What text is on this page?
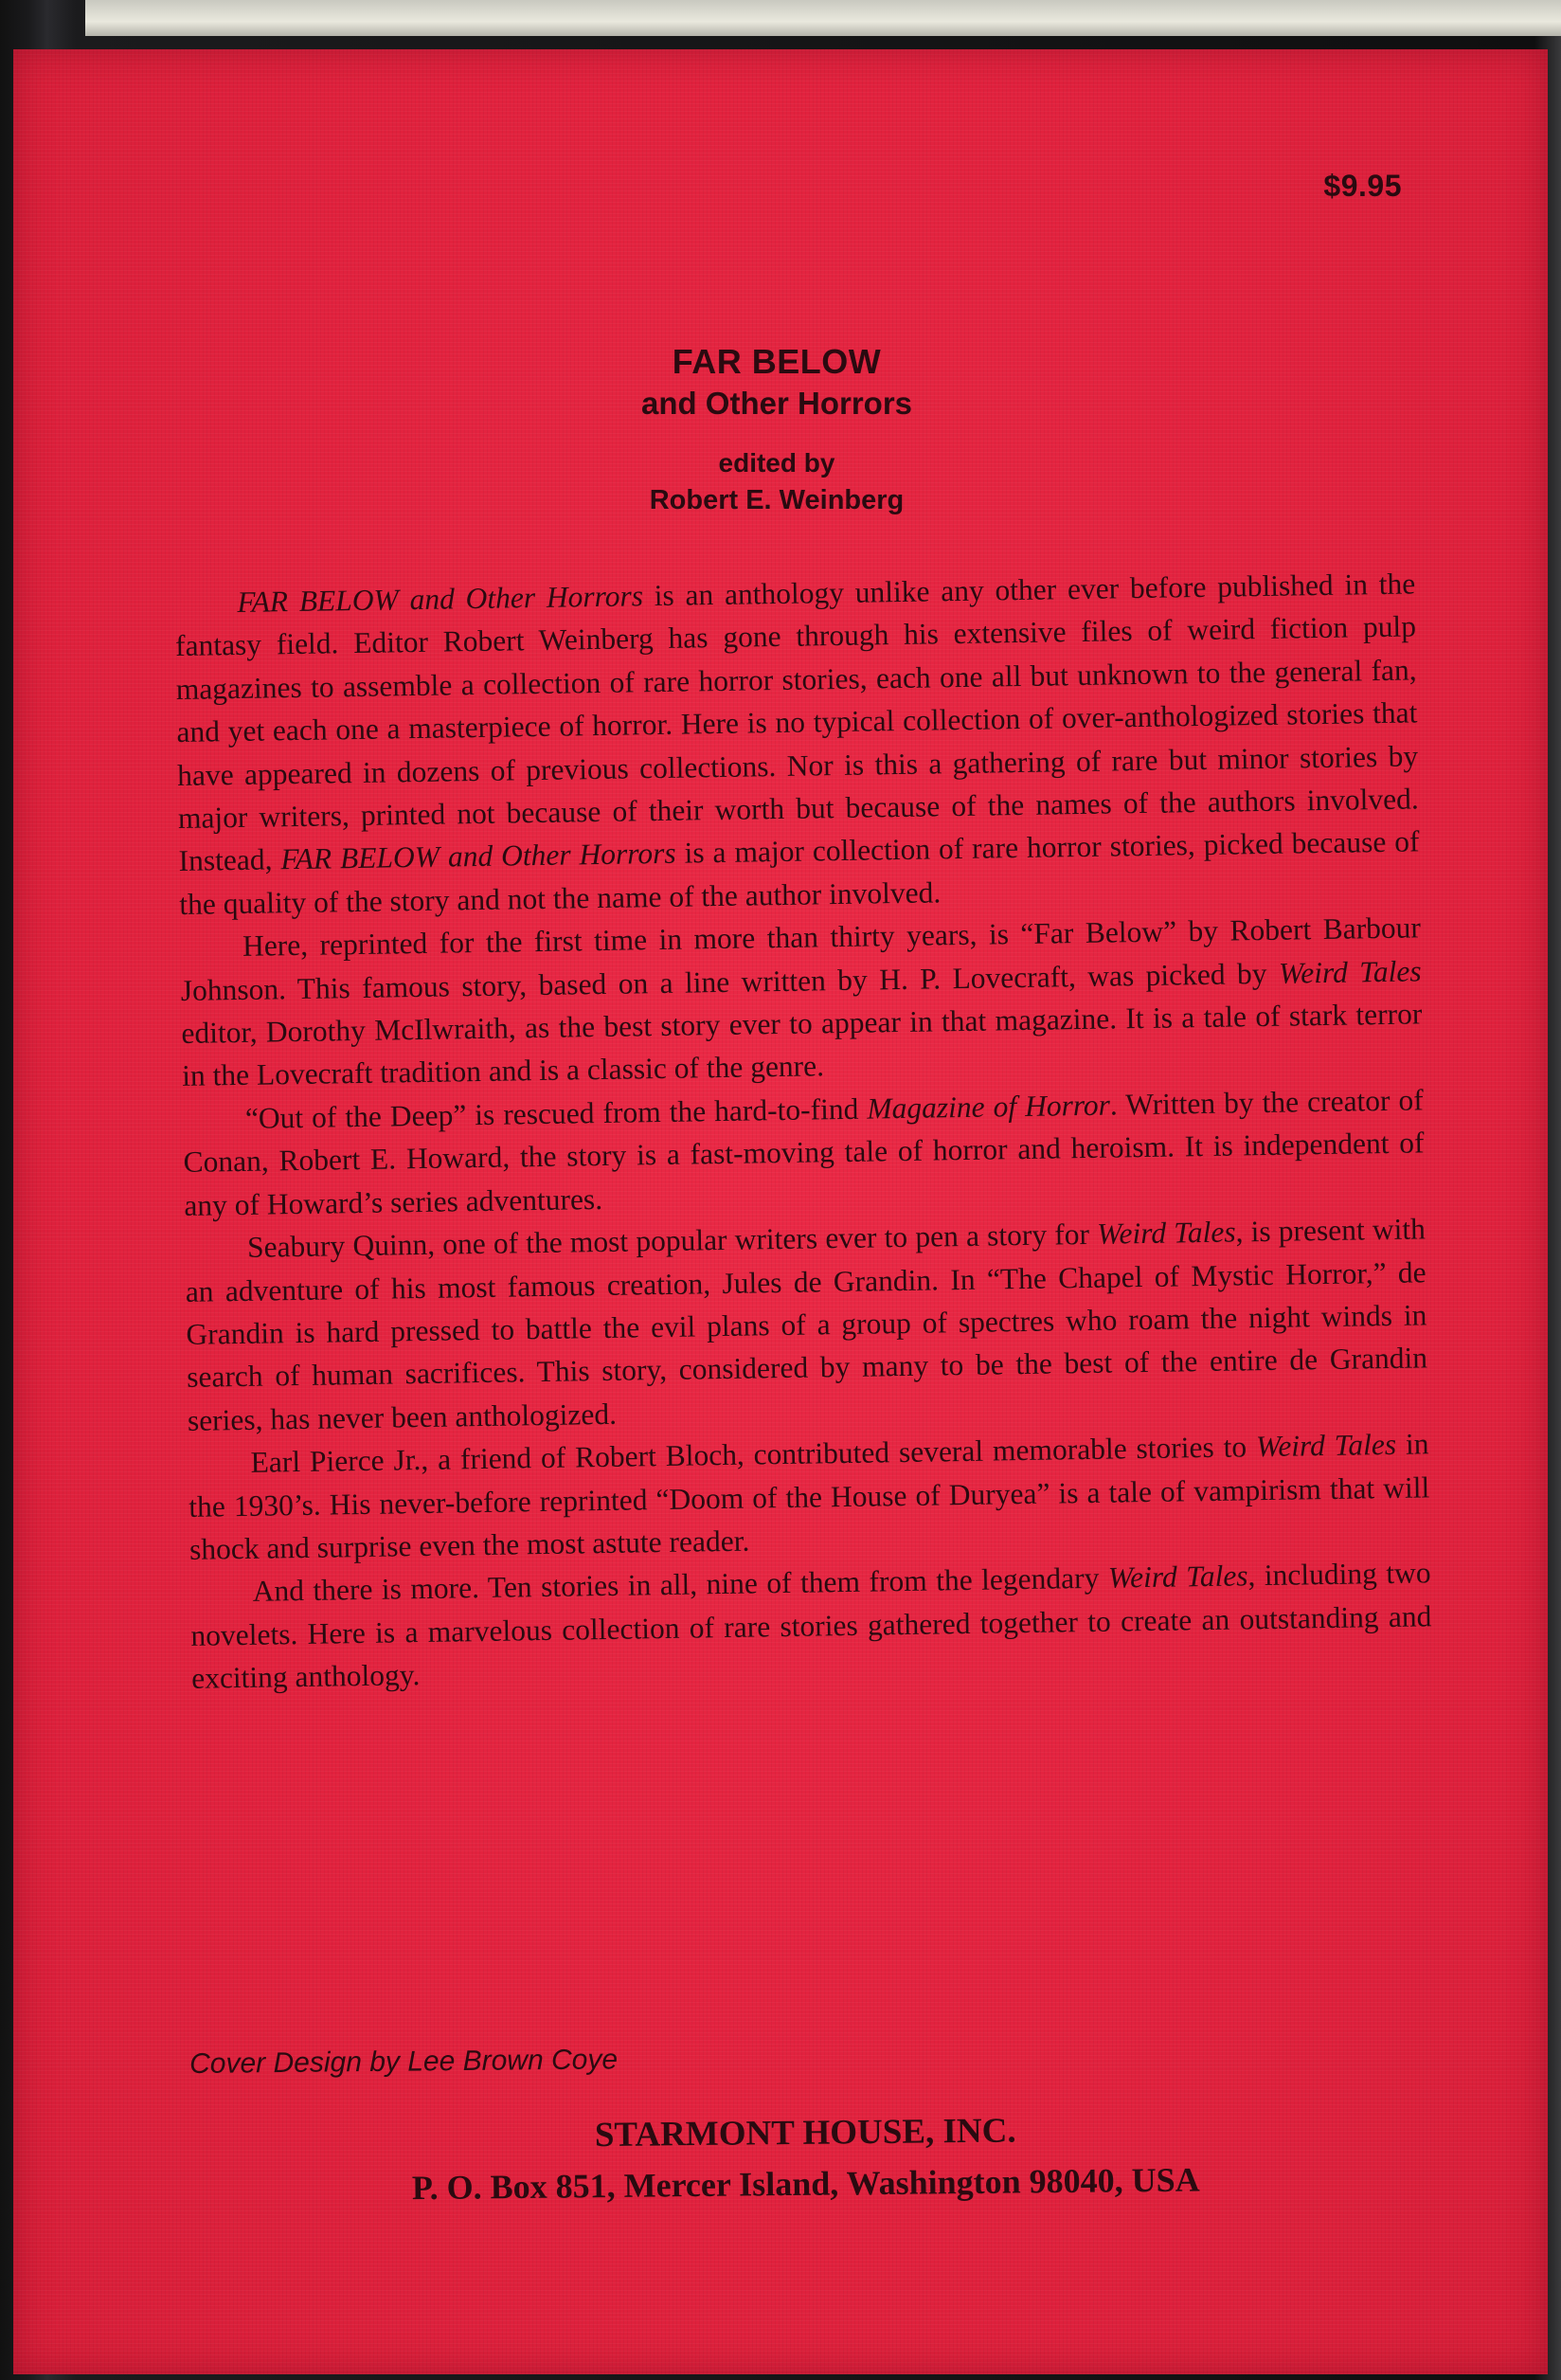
$9.95
FAR BELOW
and Other Horrors
edited by
Robert E. Weinberg

FAR BELOW and Other Horrors is an anthology unlike any other ever before published in the fantasy field. Editor Robert Weinberg has gone through his extensive files of weird fiction pulp magazines to assemble a collection of rare horror stories, each one all but unknown to the general fan, and yet each one a masterpiece of horror. Here is no typical collection of over-anthologized stories that have appeared in dozens of previous collections. Nor is this a gathering of rare but minor stories by major writers, printed not because of their worth but because of the names of the authors involved. Instead, FAR BELOW and Other Horrors is a major collection of rare horror stories, picked because of the quality of the story and not the name of the author involved.

Here, reprinted for the first time in more than thirty years, is “Far Below” by Robert Barbour Johnson. This famous story, based on a line written by H. P. Lovecraft, was picked by Weird Tales editor, Dorothy McIlwraith, as the best story ever to appear in that magazine. It is a tale of stark terror in the Lovecraft tradition and is a classic of the genre.

“Out of the Deep” is rescued from the hard-to-find Magazine of Horror. Written by the creator of Conan, Robert E. Howard, the story is a fast-moving tale of horror and heroism. It is independent of any of Howard’s series adventures.

Seabury Quinn, one of the most popular writers ever to pen a story for Weird Tales, is present with an adventure of his most famous creation, Jules de Grandin. In “The Chapel of Mystic Horror,” de Grandin is hard pressed to battle the evil plans of a group of spectres who roam the night winds in search of human sacrifices. This story, considered by many to be the best of the entire de Grandin series, has never been anthologized.

Earl Pierce Jr., a friend of Robert Bloch, contributed several memorable stories to Weird Tales in the 1930’s. His never-before reprinted “Doom of the House of Duryea” is a tale of vampirism that will shock and surprise even the most astute reader.

And there is more. Ten stories in all, nine of them from the legendary Weird Tales, including two novelets. Here is a marvelous collection of rare stories gathered together to create an outstanding and exciting anthology.

Cover Design by Lee Brown Coye
STARMONT HOUSE, INC.
P. O. Box 851, Mercer Island, Washington 98040, USA
